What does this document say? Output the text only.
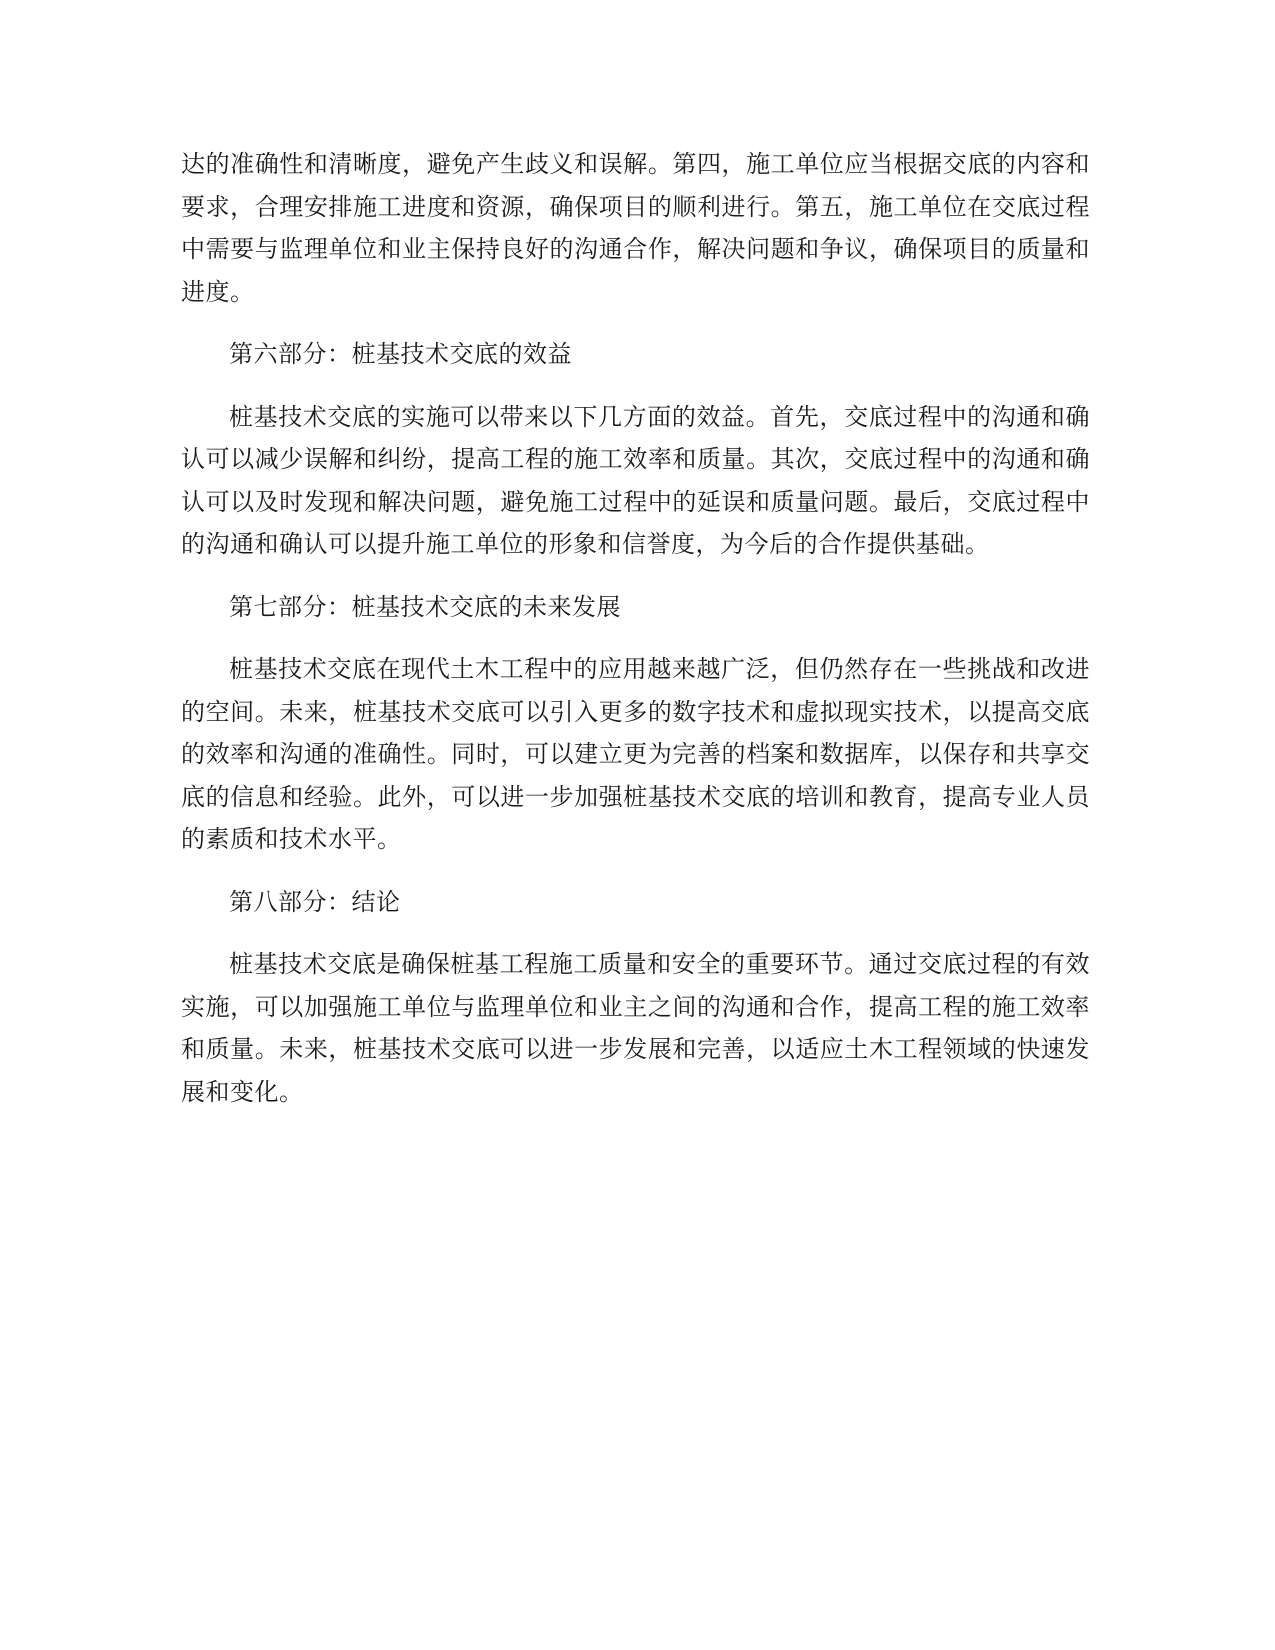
达的准确性和清晰度，避免产生歧义和误解。第四，施工单位应当根据交底的内容和要求，合理安排施工进度和资源，确保项目的顺利进行。第五，施工单位在交底过程中需要与监理单位和业主保持良好的沟通合作，解决问题和争议，确保项目的质量和进度。

第六部分：桩基技术交底的效益

桩基技术交底的实施可以带来以下几方面的效益。首先，交底过程中的沟通和确认可以减少误解和纠纷，提高工程的施工效率和质量。其次，交底过程中的沟通和确认可以及时发现和解决问题，避免施工过程中的延误和质量问题。最后，交底过程中的沟通和确认可以提升施工单位的形象和信誉度，为今后的合作提供基础。

第七部分：桩基技术交底的未来发展

桩基技术交底在现代土木工程中的应用越来越广泛，但仍然存在一些挑战和改进的空间。未来，桩基技术交底可以引入更多的数字技术和虚拟现实技术，以提高交底的效率和沟通的准确性。同时，可以建立更为完善的档案和数据库，以保存和共享交底的信息和经验。此外，可以进一步加强桩基技术交底的培训和教育，提高专业人员的素质和技术水平。

第八部分：结论

桩基技术交底是确保桩基工程施工质量和安全的重要环节。通过交底过程的有效实施，可以加强施工单位与监理单位和业主之间的沟通和合作，提高工程的施工效率和质量。未来，桩基技术交底可以进一步发展和完善，以适应土木工程领域的快速发展和变化。
